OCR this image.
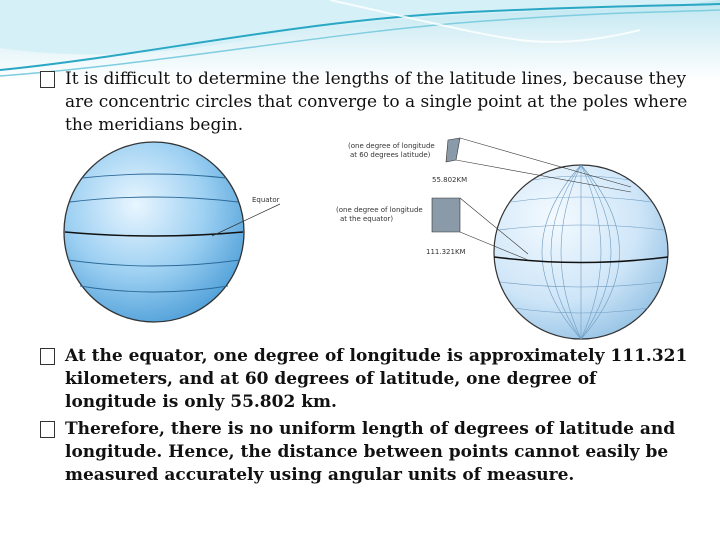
It is difficult to determine the lengths of the latitude lines, because they are concentric circles that converge to a single point at the poles where the meridians begin.
Equator
(one degree of longitude
at 60 degrees latitude)
55.802KM
(one degree of longitude
at the equator)
111.321KM
At the equator, one degree of longitude is approximately 111.321 kilometers, and at 60 degrees of latitude, one degree of longitude is only 55.802 km.
Therefore, there is no uniform length of degrees of latitude and longitude. Hence, the distance between points cannot easily be measured accurately using angular units of measure.
